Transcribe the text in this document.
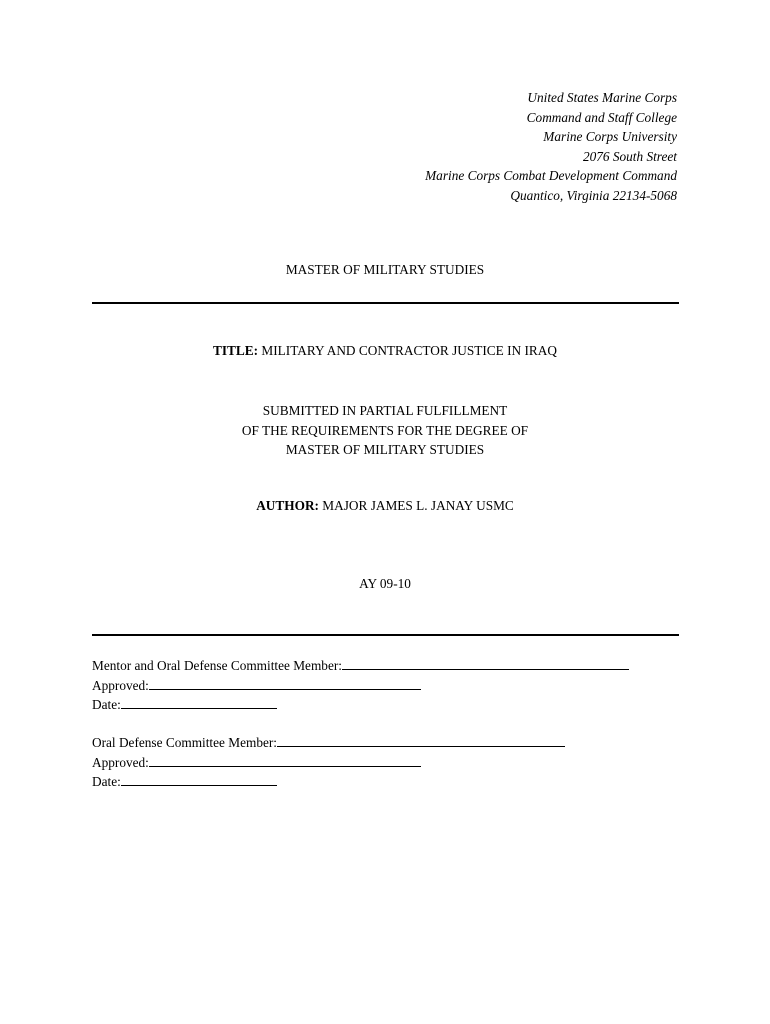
United States Marine Corps
Command and Staff College
Marine Corps University
2076 South Street
Marine Corps Combat Development Command
Quantico, Virginia 22134-5068
MASTER OF MILITARY STUDIES
TITLE: MILITARY AND CONTRACTOR JUSTICE IN IRAQ
SUBMITTED IN PARTIAL FULFILLMENT
OF THE REQUIREMENTS FOR THE DEGREE OF
MASTER OF MILITARY STUDIES
AUTHOR: MAJOR JAMES L. JANAY USMC
AY 09-10
Mentor and Oral Defense Committee Member:
Approved:
Date:
Oral Defense Committee Member:
Approved:
Date:
